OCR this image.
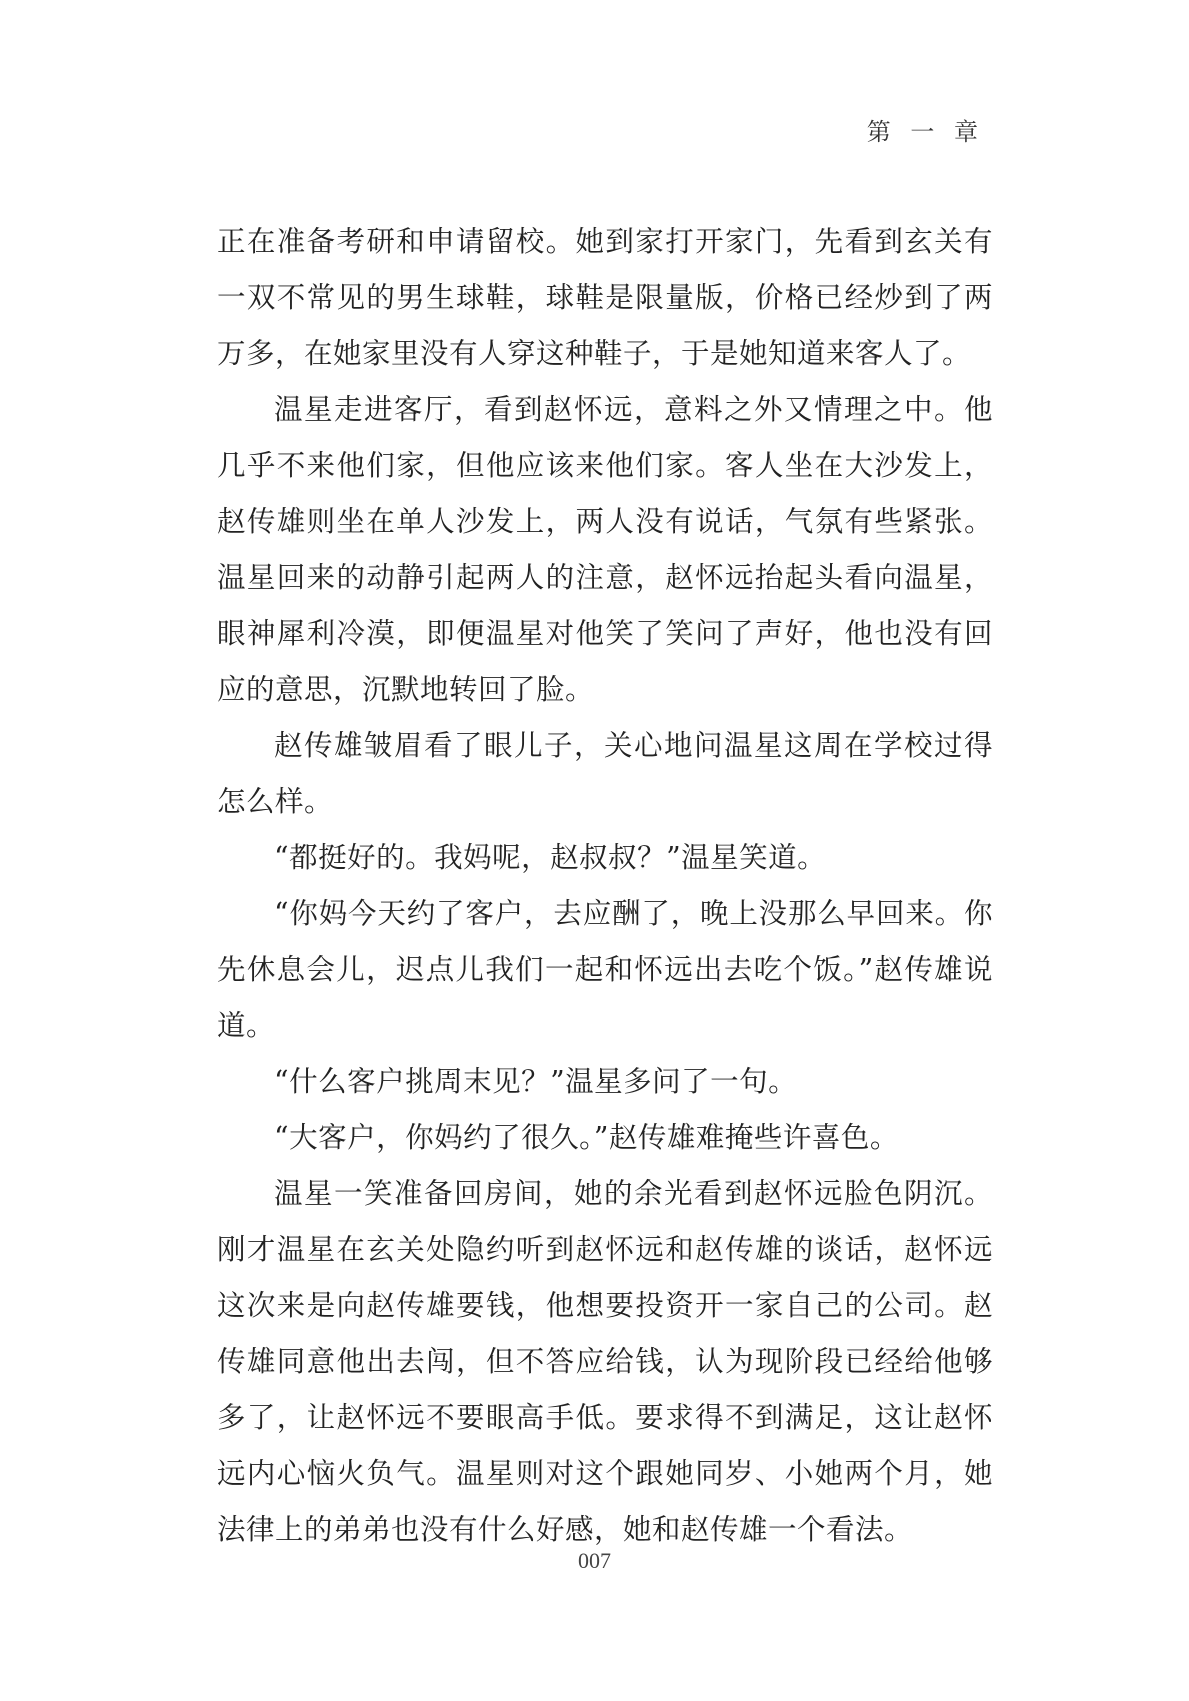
第 一 章

正在准备考研和申请留校。她到家打开家门，先看到玄关有一双不常见的男生球鞋，球鞋是限量版，价格已经炒到了两万多，在她家里没有人穿这种鞋子，于是她知道来客人了。

温星走进客厅，看到赵怀远，意料之外又情理之中。他几乎不来他们家，但他应该来他们家。客人坐在大沙发上，赵传雄则坐在单人沙发上，两人没有说话，气氛有些紧张。温星回来的动静引起两人的注意，赵怀远抬起头看向温星，眼神犀利冷漠，即便温星对他笑了笑问了声好，他也没有回应的意思，沉默地转回了脸。

赵传雄皱眉看了眼儿子，关心地问温星这周在学校过得怎么样。

“都挺好的。我妈呢，赵叔叔？”温星笑道。

“你妈今天约了客户，去应酬了，晚上没那么早回来。你先休息会儿，迟点儿我们一起和怀远出去吃个饭。”赵传雄说道。

“什么客户挑周末见？”温星多问了一句。

“大客户，你妈约了很久。”赵传雄难掩些许喜色。

温星一笑准备回房间，她的余光看到赵怀远脸色阴沉。刚才温星在玄关处隐约听到赵怀远和赵传雄的谈话，赵怀远这次来是向赵传雄要钱，他想要投资开一家自己的公司。赵传雄同意他出去闯，但不答应给钱，认为现阶段已经给他够多了，让赵怀远不要眼高手低。要求得不到满足，这让赵怀远内心恼火负气。温星则对这个跟她同岁、小她两个月，她法律上的弟弟也没有什么好感，她和赵传雄一个看法。

007
